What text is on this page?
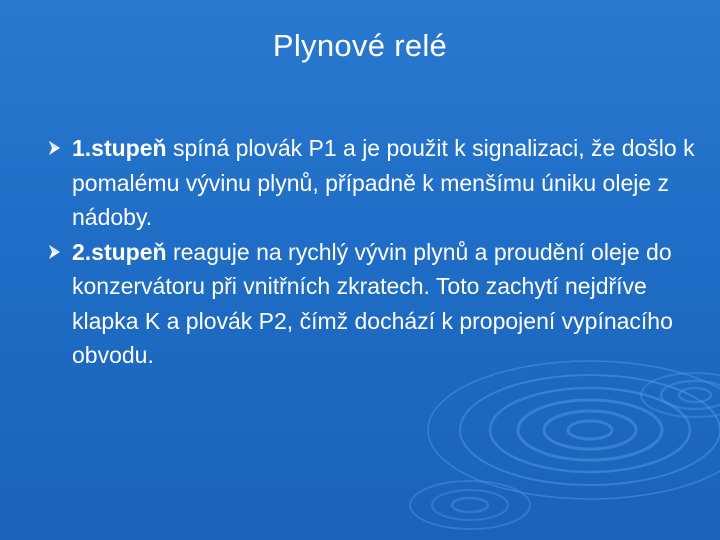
Plynové relé
1.stupeň spíná plovák P1 a je použit k signalizaci, že došlo k pomalému vývinu plynů, případně k menšímu úniku oleje z nádoby.
2.stupeň reaguje na rychlý vývin plynů a proudění oleje do konzervátoru při vnitřních zkratech. Toto zachytí nejdříve klapka K a plovák P2, čímž dochází k propojení vypínacího obvodu.
